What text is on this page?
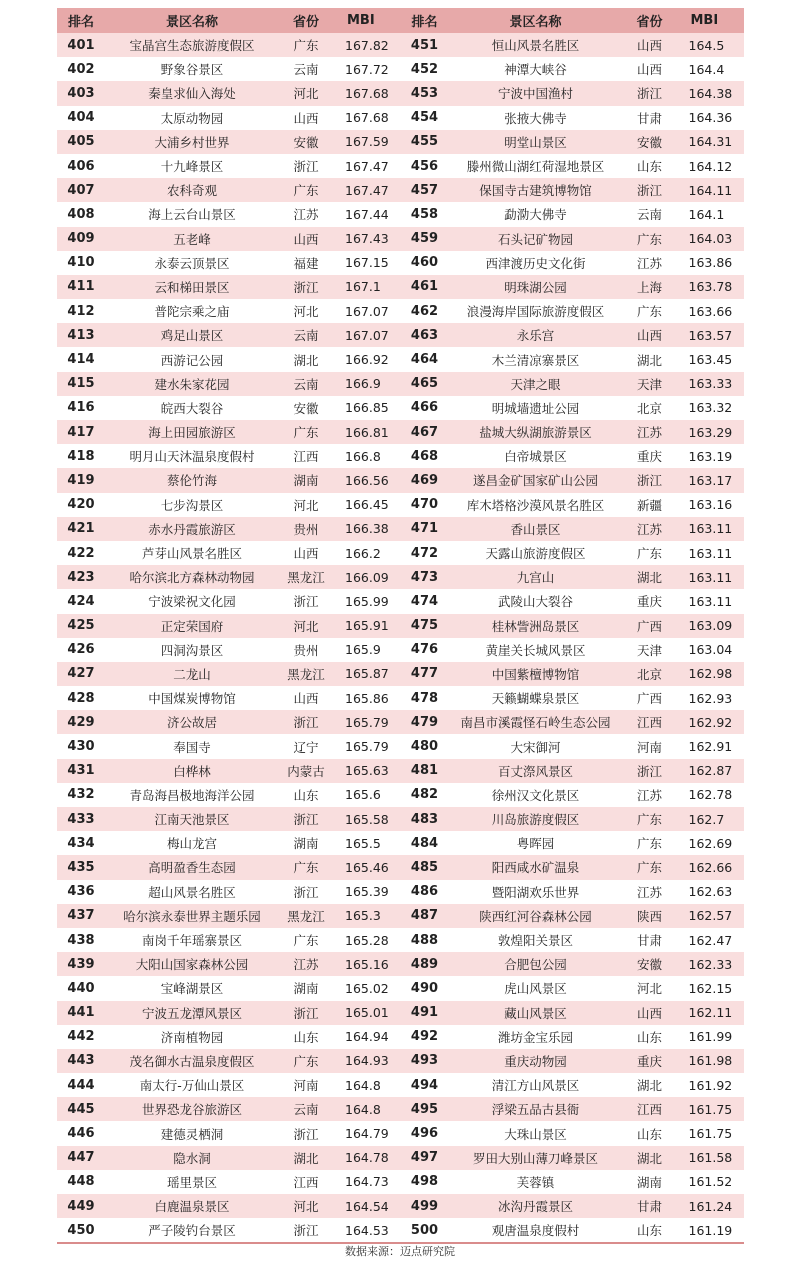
排名	景区名称	省份	MBI	排名	景区名称	省份	MBI
401	宝晶宫生态旅游度假区	广东	167.82	451	恒山风景名胜区	山西	164.5
402	野象谷景区	云南	167.72	452	神潭大峡谷	山西	164.4
403	秦皇求仙入海处	河北	167.68	453	宁波中国渔村	浙江	164.38
404	太原动物园	山西	167.68	454	张掖大佛寺	甘肃	164.36
405	大浦乡村世界	安徽	167.59	455	明堂山景区	安徽	164.31
406	十九峰景区	浙江	167.47	456	滕州微山湖红荷湿地景区	山东	164.12
407	农科奇观	广东	167.47	457	保国寺古建筑博物馆	浙江	164.11
408	海上云台山景区	江苏	167.44	458	勐泐大佛寺	云南	164.1
409	五老峰	山西	167.43	459	石头记矿物园	广东	164.03
410	永泰云顶景区	福建	167.15	460	西津渡历史文化街	江苏	163.86
411	云和梯田景区	浙江	167.1	461	明珠湖公园	上海	163.78
412	普陀宗乘之庙	河北	167.07	462	浪漫海岸国际旅游度假区	广东	163.66
413	鸡足山景区	云南	167.07	463	永乐宫	山西	163.57
414	西游记公园	湖北	166.92	464	木兰清凉寨景区	湖北	163.45
415	建水朱家花园	云南	166.9	465	天津之眼	天津	163.33
416	皖西大裂谷	安徽	166.85	466	明城墙遗址公园	北京	163.32
417	海上田园旅游区	广东	166.81	467	盐城大纵湖旅游景区	江苏	163.29
418	明月山天沐温泉度假村	江西	166.8	468	白帝城景区	重庆	163.19
419	蔡伦竹海	湖南	166.56	469	遂昌金矿国家矿山公园	浙江	163.17
420	七步沟景区	河北	166.45	470	库木塔格沙漠风景名胜区	新疆	163.16
421	赤水丹霞旅游区	贵州	166.38	471	香山景区	江苏	163.11
422	芦芽山风景名胜区	山西	166.2	472	天露山旅游度假区	广东	163.11
423	哈尔滨北方森林动物园	黑龙江	166.09	473	九宫山	湖北	163.11
424	宁波梁祝文化园	浙江	165.99	474	武陵山大裂谷	重庆	163.11
425	正定荣国府	河北	165.91	475	桂林訾洲岛景区	广西	163.09
426	四洞沟景区	贵州	165.9	476	黄崖关长城风景区	天津	163.04
427	二龙山	黑龙江	165.87	477	中国紫檀博物馆	北京	162.98
428	中国煤炭博物馆	山西	165.86	478	天籁蝴蝶泉景区	广西	162.93
429	济公故居	浙江	165.79	479	南昌市溪霞怪石岭生态公园	江西	162.92
430	奉国寺	辽宁	165.79	480	大宋御河	河南	162.91
431	白桦林	内蒙古	165.63	481	百丈漈风景区	浙江	162.87
432	青岛海昌极地海洋公园	山东	165.6	482	徐州汉文化景区	江苏	162.78
433	江南天池景区	浙江	165.58	483	川岛旅游度假区	广东	162.7
434	梅山龙宫	湖南	165.5	484	粤晖园	广东	162.69
435	高明盈香生态园	广东	165.46	485	阳西咸水矿温泉	广东	162.66
436	超山风景名胜区	浙江	165.39	486	暨阳湖欢乐世界	江苏	162.63
437	哈尔滨永泰世界主题乐园	黑龙江	165.3	487	陕西红河谷森林公园	陕西	162.57
438	南岗千年瑶寨景区	广东	165.28	488	敦煌阳关景区	甘肃	162.47
439	大阳山国家森林公园	江苏	165.16	489	合肥包公园	安徽	162.33
440	宝峰湖景区	湖南	165.02	490	虎山风景区	河北	162.15
441	宁波五龙潭风景区	浙江	165.01	491	藏山风景区	山西	162.11
442	济南植物园	山东	164.94	492	潍坊金宝乐园	山东	161.99
443	茂名御水古温泉度假区	广东	164.93	493	重庆动物园	重庆	161.98
444	南太行-万仙山景区	河南	164.8	494	清江方山风景区	湖北	161.92
445	世界恐龙谷旅游区	云南	164.8	495	浮梁五品古县衙	江西	161.75
446	建德灵栖洞	浙江	164.79	496	大珠山景区	山东	161.75
447	隐水洞	湖北	164.78	497	罗田大别山薄刀峰景区	湖北	161.58
448	瑶里景区	江西	164.73	498	芙蓉镇	湖南	161.52
449	白鹿温泉景区	河北	164.54	499	冰沟丹霞景区	甘肃	161.24
450	严子陵钓台景区	浙江	164.53	500	观唐温泉度假村	山东	161.19
数据来源：迈点研究院
